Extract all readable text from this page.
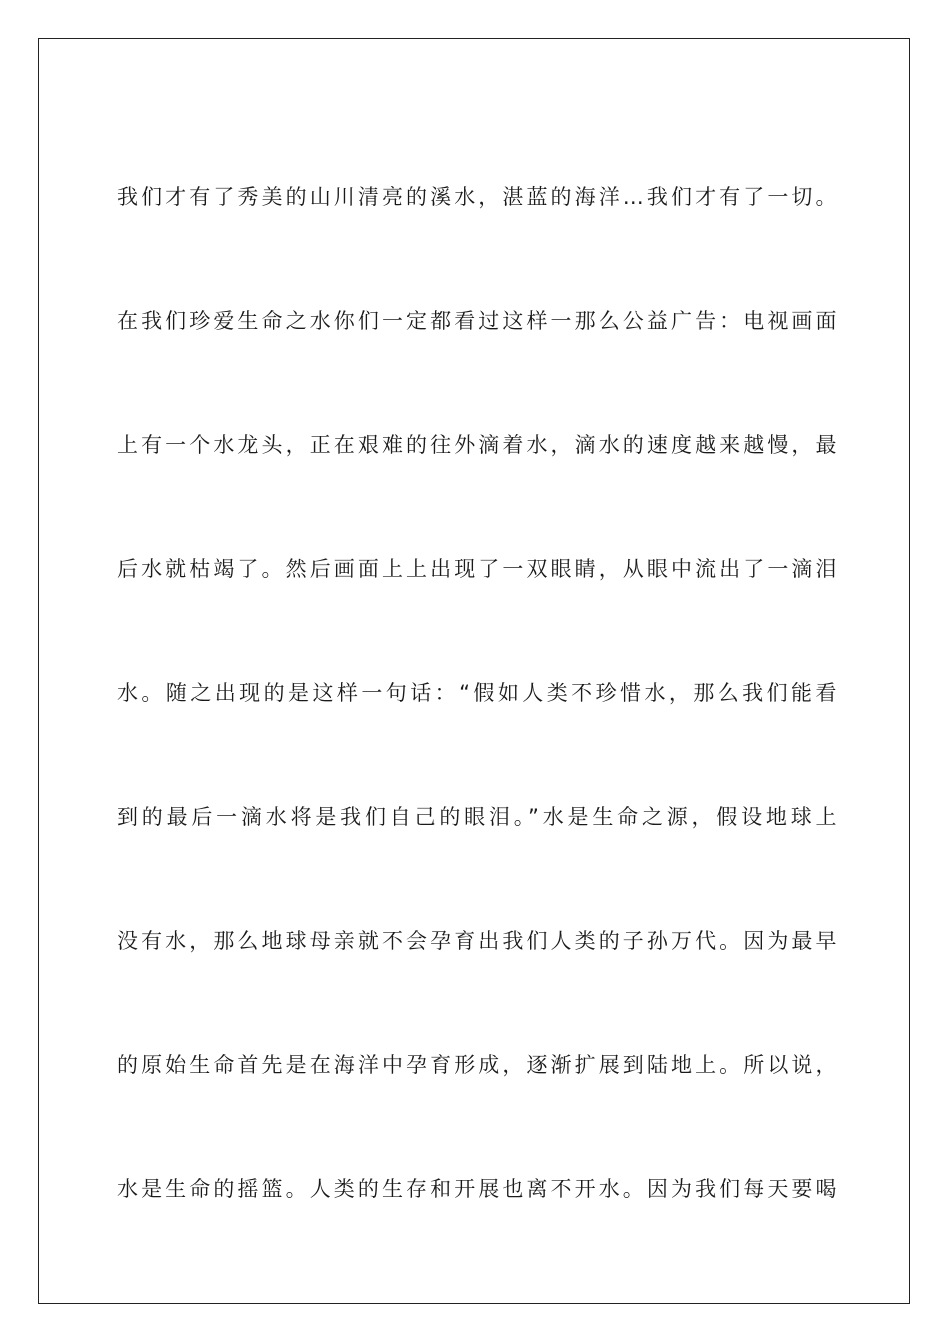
我们才有了秀美的山川清亮的溪水，湛蓝的海洋…我们才有了一切。
在我们珍爱生命之水你们一定都看过这样一那么公益广告：电视画面
上有一个水龙头，正在艰难的往外滴着水，滴水的速度越来越慢，最
后水就枯竭了。然后画面上上出现了一双眼睛，从眼中流出了一滴泪
水。随之出现的是这样一句话：“假如人类不珍惜水，那么我们能看
到的最后一滴水将是我们自己的眼泪。”水是生命之源，假设地球上
没有水，那么地球母亲就不会孕育出我们人类的子孙万代。因为最早
的原始生命首先是在海洋中孕育形成，逐渐扩展到陆地上。所以说，
水是生命的摇篮。人类的生存和开展也离不开水。因为我们每天要喝
